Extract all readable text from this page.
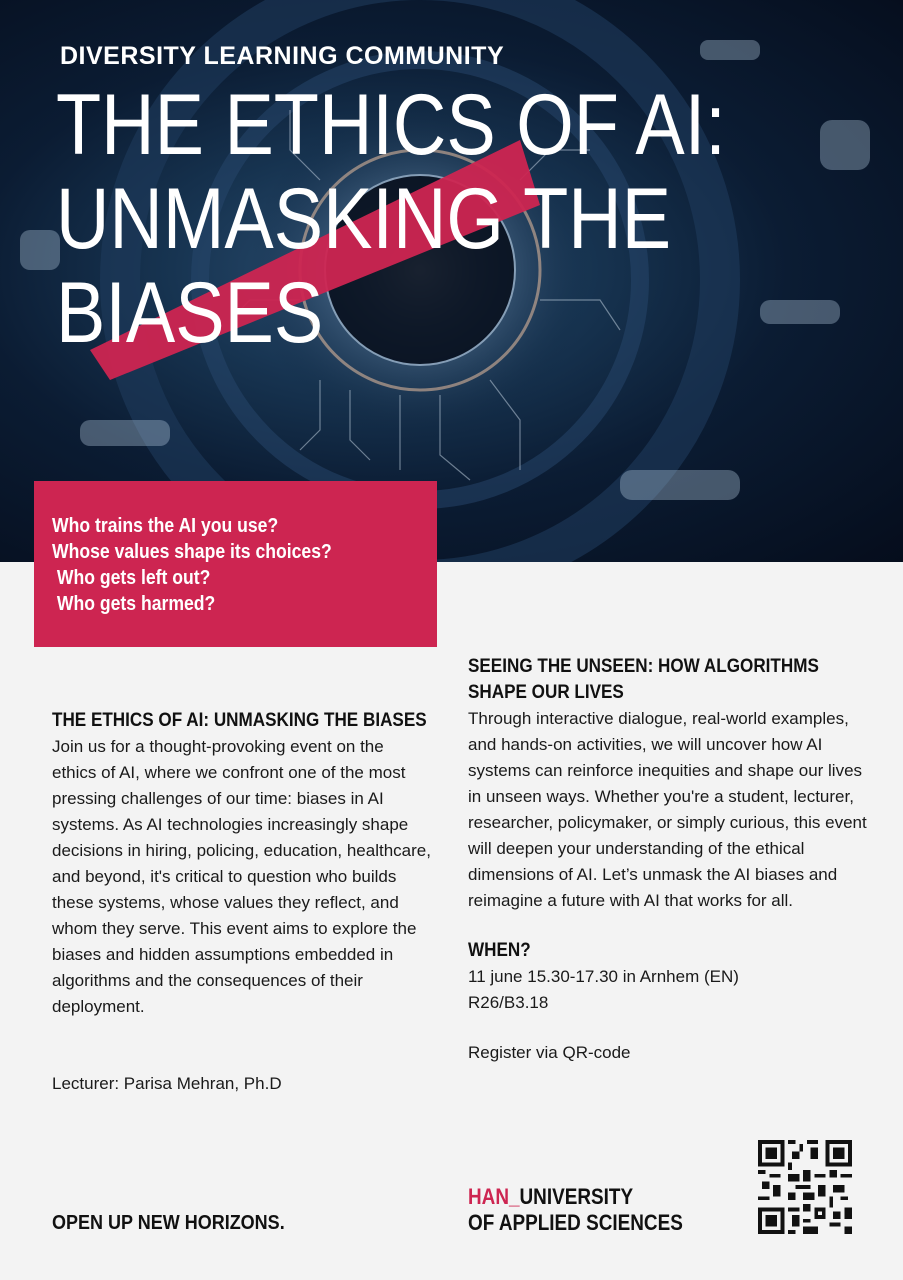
DIVERSITY LEARNING COMMUNITY
THE ETHICS OF AI:
UNMASKING THE
BIASES
Who trains the AI you use?
Whose values shape its choices?
Who gets left out?
Who gets harmed?
THE ETHICS OF AI: UNMASKING THE BIASES

Join us for a thought-provoking event on the ethics of AI, where we confront one of the most pressing challenges of our time: biases in AI systems. As AI technologies increasingly shape decisions in hiring, policing, education, healthcare, and beyond, it's critical to question who builds these systems, whose values they reflect, and whom they serve. This event aims to explore the biases and hidden assumptions embedded in algorithms and the consequences of their deployment.

Lecturer: Parisa Mehran, Ph.D
SEEING THE UNSEEN: HOW ALGORITHMS
SHAPE OUR LIVES

Through interactive dialogue, real-world examples, and hands-on activities, we will uncover how AI systems can reinforce inequities and shape our lives in unseen ways. Whether you're a student, lecturer, researcher, policymaker, or simply curious, this event will deepen your understanding of the ethical dimensions of AI. Let’s unmask the AI biases and reimagine a future with AI that works for all.

WHEN?
11 june 15.30-17.30 in Arnhem (EN)
R26/B3.18
Register via QR-code
OPEN UP NEW HORIZONS.
HAN_UNIVERSITY
OF APPLIED SCIENCES
